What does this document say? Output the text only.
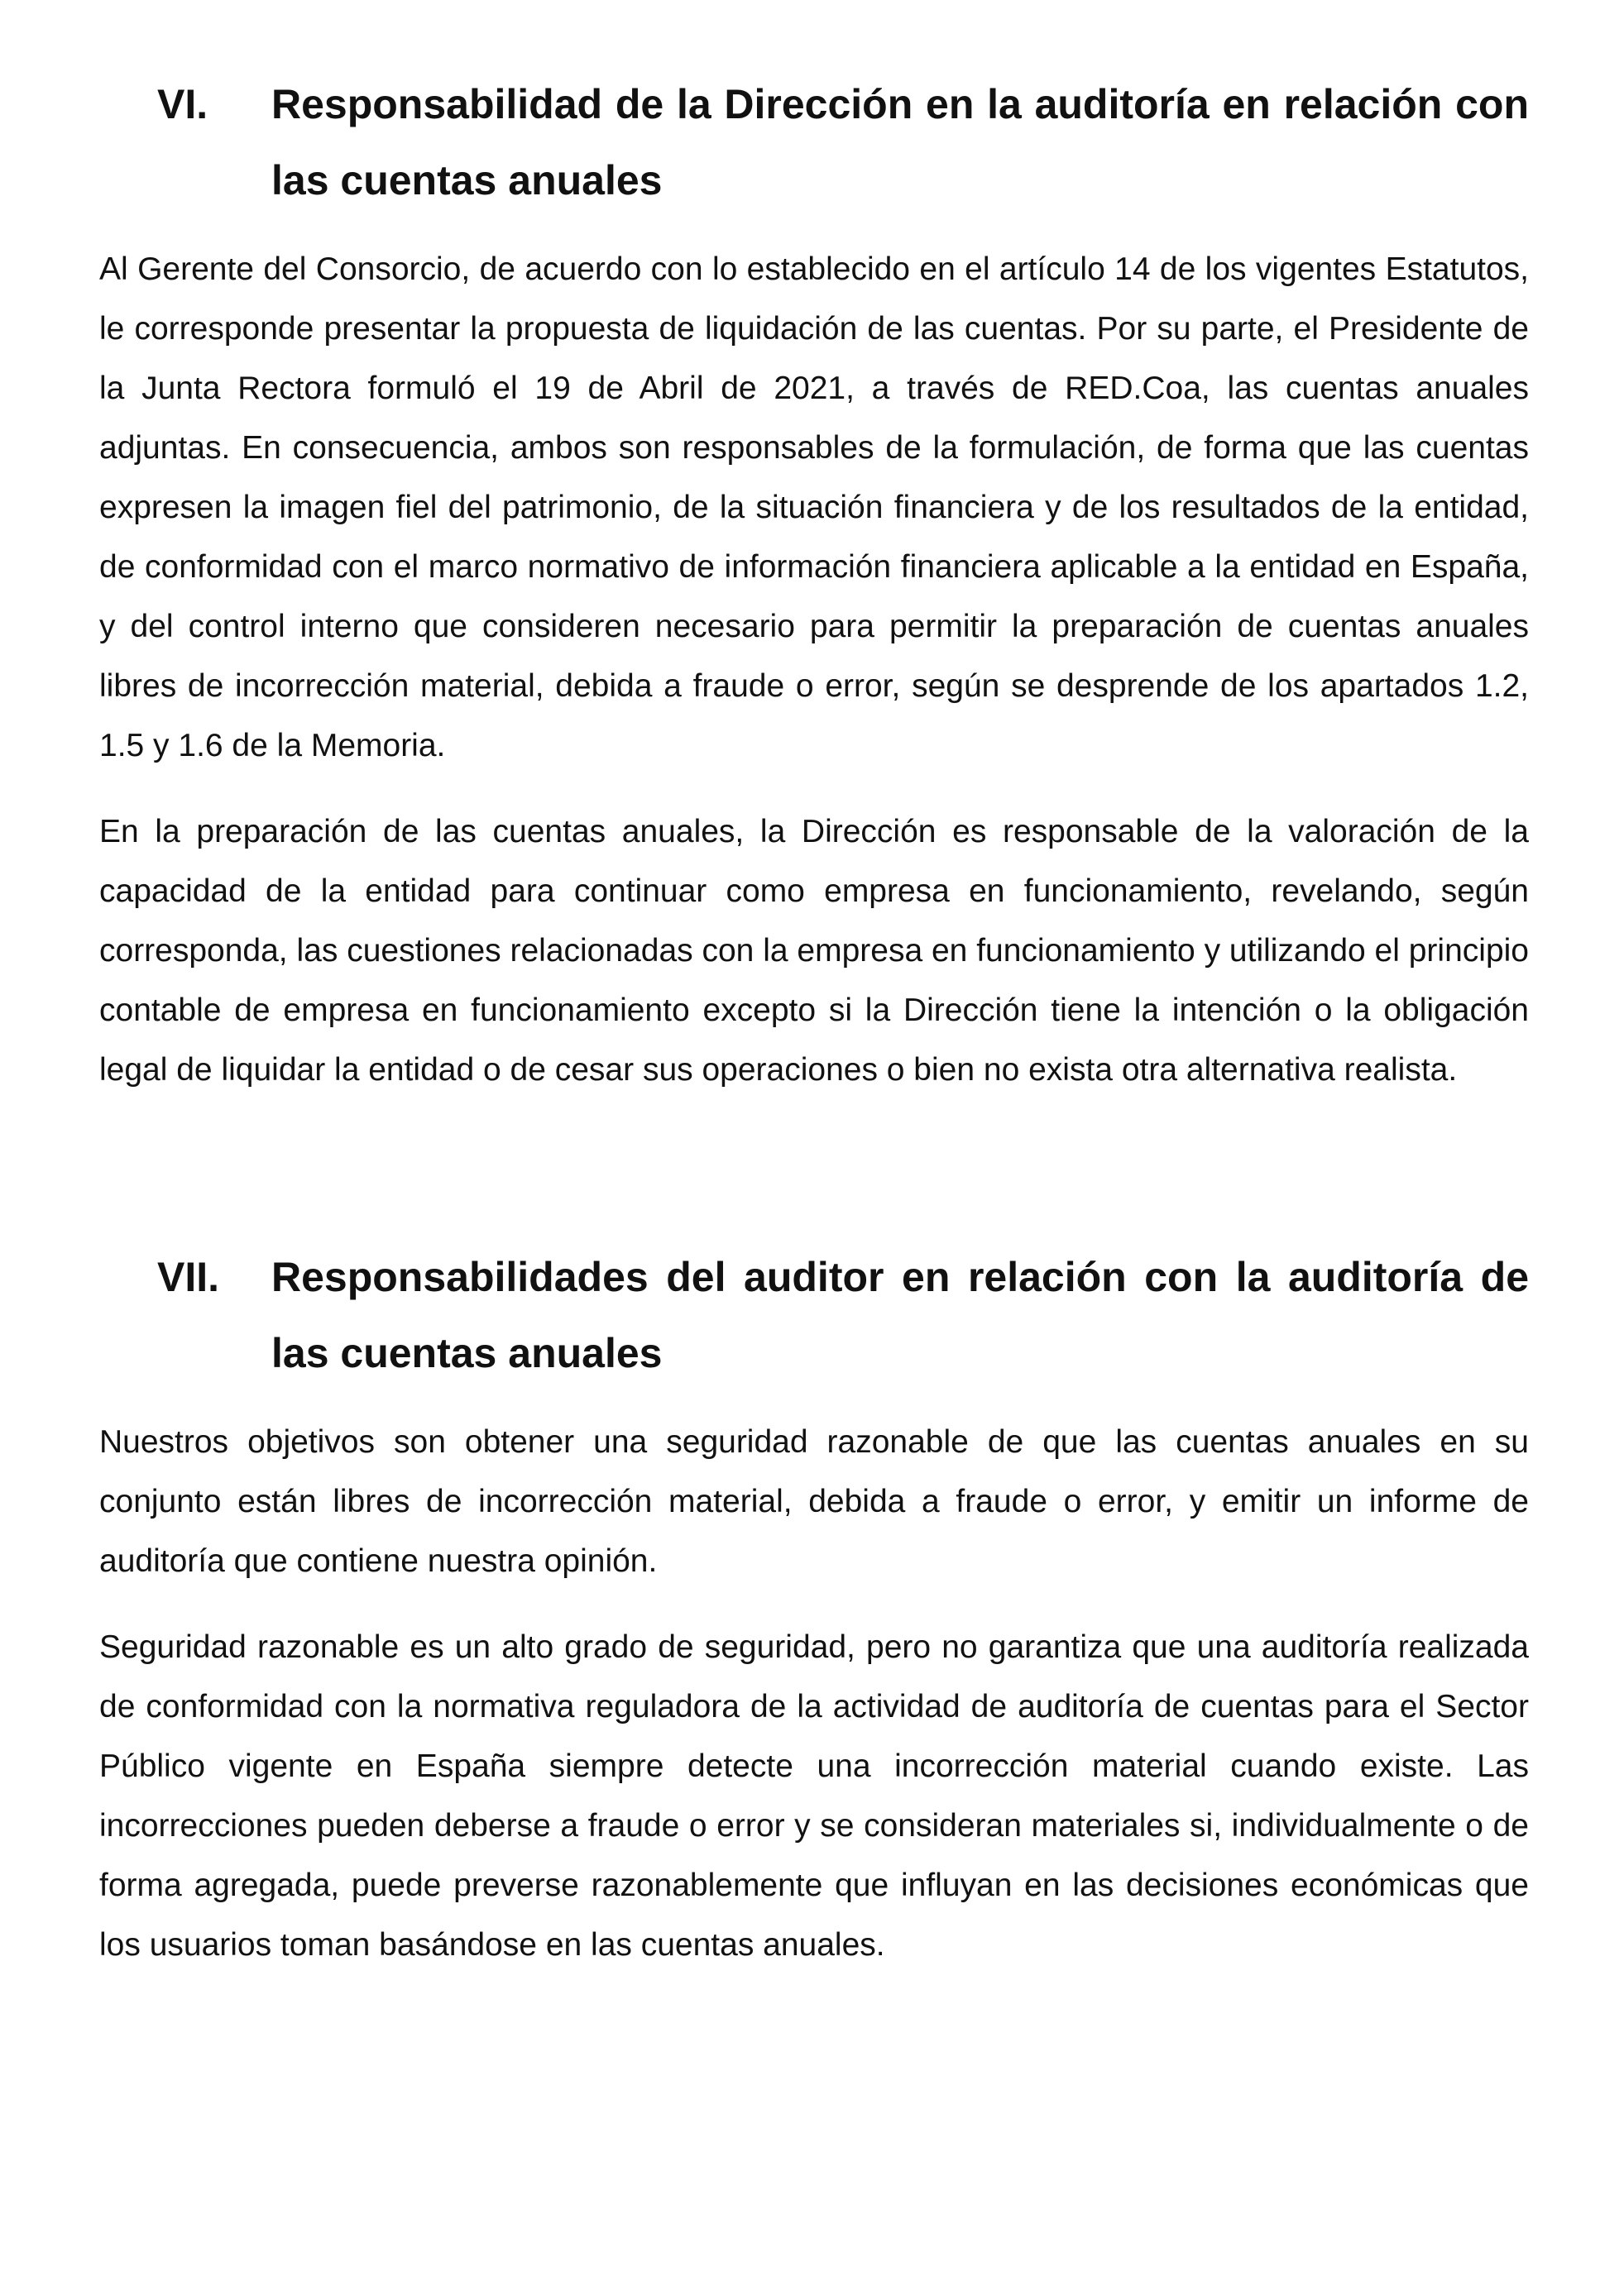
VI.	Responsabilidad de la Dirección en la auditoría en relación con las cuentas anuales

Al Gerente del Consorcio, de acuerdo con lo establecido en el artículo 14 de los vigentes Estatutos, le corresponde presentar la propuesta de liquidación de las cuentas. Por su parte, el Presidente de la Junta Rectora formuló el 19 de Abril de 2021, a través de RED.Coa, las cuentas anuales adjuntas. En consecuencia, ambos son responsables de la formulación, de forma que las cuentas expresen la imagen fiel del patrimonio, de la situación financiera y de los resultados de la entidad, de conformidad con el marco normativo de información financiera aplicable a la entidad en España, y del control interno que consideren necesario para permitir la preparación de cuentas anuales libres de incorrección material, debida a fraude o error, según se desprende de los apartados 1.2, 1.5 y 1.6 de la Memoria.

En la preparación de las cuentas anuales, la Dirección es responsable de la valoración de la capacidad de la entidad para continuar como empresa en funcionamiento, revelando, según corresponda, las cuestiones relacionadas con la empresa en funcionamiento y utilizando el principio contable de empresa en funcionamiento excepto si la Dirección tiene la intención o la obligación legal de liquidar la entidad o de cesar sus operaciones o bien no exista otra alternativa realista.

VII.	Responsabilidades del auditor en relación con la auditoría de las cuentas anuales

Nuestros objetivos son obtener una seguridad razonable de que las cuentas anuales en su conjunto están libres de incorrección material, debida a fraude o error, y emitir un informe de auditoría que contiene nuestra opinión.

Seguridad razonable es un alto grado de seguridad, pero no garantiza que una auditoría realizada de conformidad con la normativa reguladora de la actividad de auditoría de cuentas para el Sector Público vigente en España siempre detecte una incorrección material cuando existe. Las incorrecciones pueden deberse a fraude o error y se consideran materiales si, individualmente o de forma agregada, puede preverse razonablemente que influyan en las decisiones económicas que los usuarios toman basándose en las cuentas anuales.
